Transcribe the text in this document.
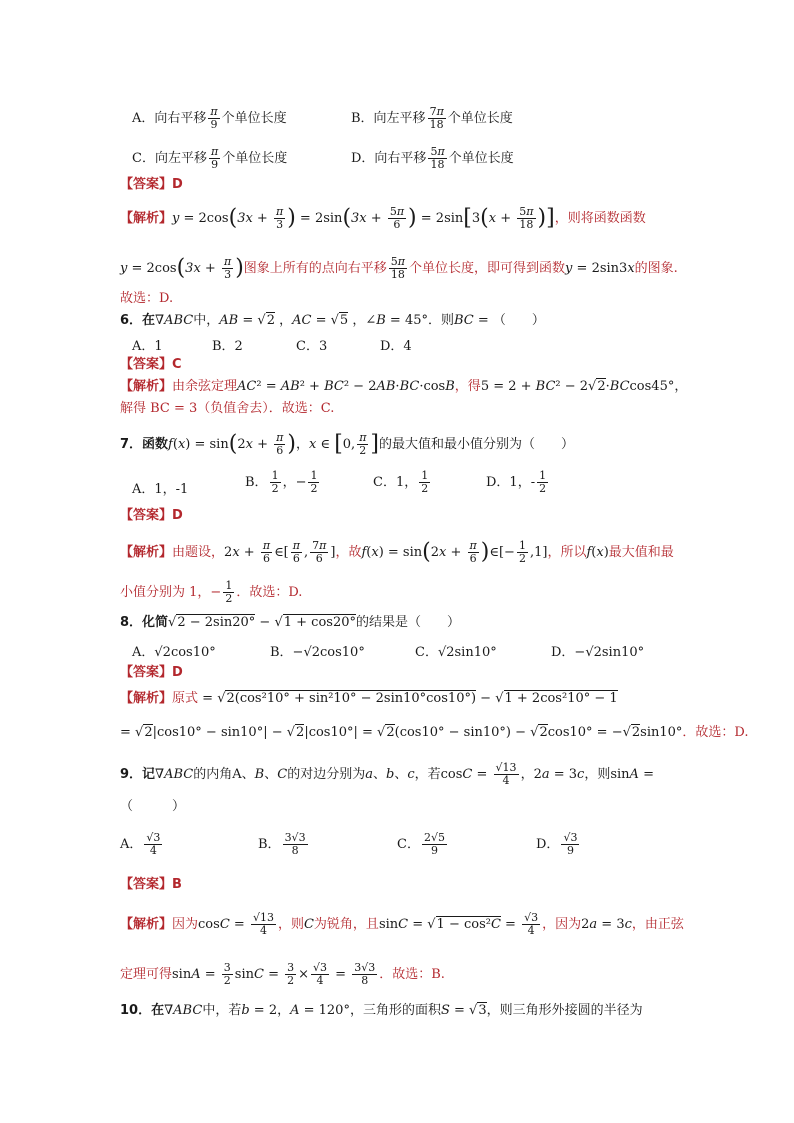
A．向右平移 $\frac{\pi}{9}$ 个单位长度	B．向左平移 $\frac{7\pi}{18}$ 个单位长度
C．向左平移 $\frac{\pi}{9}$ 个单位长度	D．向右平移 $\frac{5\pi}{18}$ 个单位长度
【答案】D
【解析】$y = 2\cos(3x + \frac{\pi}{3}$ ) = $2\sin(3x + \frac{5\pi}{6}$ ) = $2\sin[3(x + \frac{5\pi}{18}$ )]，则将函数函数
$y = 2\cos(3x + \frac{\pi}{3}$ )图象上所有的点向右平移 $\frac{5\pi}{18}$ 个单位长度，即可得到函数y = 2sin3x的图象.
故选：D.
6．在∇ABC中，AB = √2 ，AC = √5 ，∠B = 45°．则BC = （　　）
A．1	B．2	C．3	D．4
【答案】C
【解析】由余弦定理AC² = AB² + BC² − 2AB·BC·cosB，得5 = 2 + BC² − 2√2·BCcos45°，
解得 BC = 3（负值舍去）．故选：C.
7．函数$f(x) = \sin(2x + \frac{\pi}{6}$ )，x ∈ [0, $\frac{\pi}{2}$ ]的最大值和最小值分别为（　　）
A．1，-1	B． $\frac{1}{2}$ ，− $\frac{1}{2}$	C．1， $\frac{1}{2}$	D．1，- $\frac{1}{2}$
【答案】D
【解析】由题设，$2x + \frac{\pi}{6}$ ∈[ $\frac{\pi}{6}$ , $\frac{7\pi}{6}$ ]，故$f(x) = \sin(2x + \frac{\pi}{6}$ )∈[− $\frac{1}{2} ,1$]，所以f(x)最大值和最
小值分别为 1，− $\frac{1}{2}$ ．故选：D.
8．化简√2 − 2sin20° − √1 + cos20°的结果是（　　）
A．√2cos10°	B．−√2cos10°	C．√2sin10°	D．−√2sin10°
【答案】D
【解析】原式 = √2(cos²10° + sin²10° − 2sin10°cos10°) − √1 + 2cos²10° − 1
= √2|cos10° − sin10°| − √2|cos10°| = √2(cos10° − sin10°) − √2cos10° = −√2sin10°．故选：D.
9．记∇ABC的内角A、B、C的对边分别为a、b、c，若$\cos C = \frac{√13}{4}$ ，2a = 3c，则sinA =
（　　　）
A． $\frac{√3}{4}$	B． $\frac{3√3}{8}$	C． $\frac{2√5}{9}$	D． $\frac{√3}{9}$
【答案】B
【解析】因为$\cos C = \frac{√13}{4}$ ，则C为锐角，且$\sin C = √1 - \cos^2C = \frac{√3}{4}$ ，因为2a = 3c，由正弦
定理可得$\sin A = \frac{3}{2}$ $\sin C = \frac{3}{2} \times \frac{√3}{4} = \frac{3√3}{8}$ ．故选：B.
10．在∇ABC中，若b = 2，A = 120°，三角形的面积S = √3，则三角形外接圆的半径为
